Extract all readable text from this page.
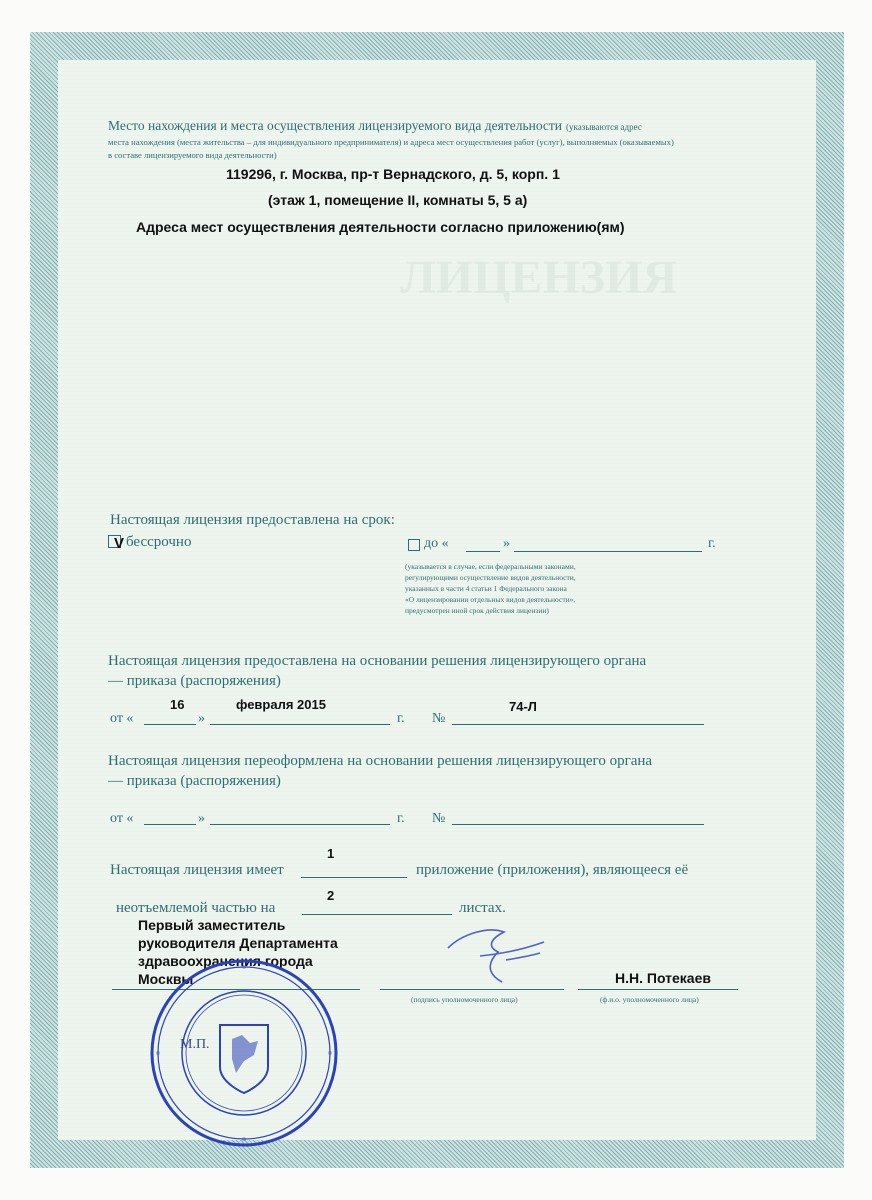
ЛИЦЕНЗИЯ
Место нахождения и места осуществления лицензируемого вида деятельности (указываются адрес
места нахождения (места жительства – для индивидуального предпринимателя) и адреса мест осуществления работ (услуг), выполняемых (оказываемых)
в составе лицензируемого вида деятельности)
119296, г. Москва, пр-т Вернадского, д. 5, корп. 1
(этаж 1, помещение II, комнаты 5, 5 а)
Адреса мест осуществления деятельности согласно приложению(ям)
Настоящая лицензия предоставлена на срок:
V бессрочно	до «	»	г.
(указывается в случае, если федеральными законами,
регулирующими осуществление видов деятельности,
указанных в части 4 статьи 1 Федерального закона
«О лицензировании отдельных видов деятельности»,
предусмотрен иной срок действия лицензии)
Настоящая лицензия предоставлена на основании решения лицензирующего органа
— приказа (распоряжения)
16	февраля 2015	74-Л
от «	»	г. №
Настоящая лицензия переоформлена на основании решения лицензирующего органа
— приказа (распоряжения)
от «	»	г. №
1
Настоящая лицензия имеет	приложение (приложения), являющееся её
2
неотъемлемой частью на	листах.
Первый заместитель
руководителя Департамента
здравоохранения города
Москвы	Н.Н. Потекаев
(подпись уполномоченного лица)	(ф.и.о. уполномоченного лица)
М.П.
